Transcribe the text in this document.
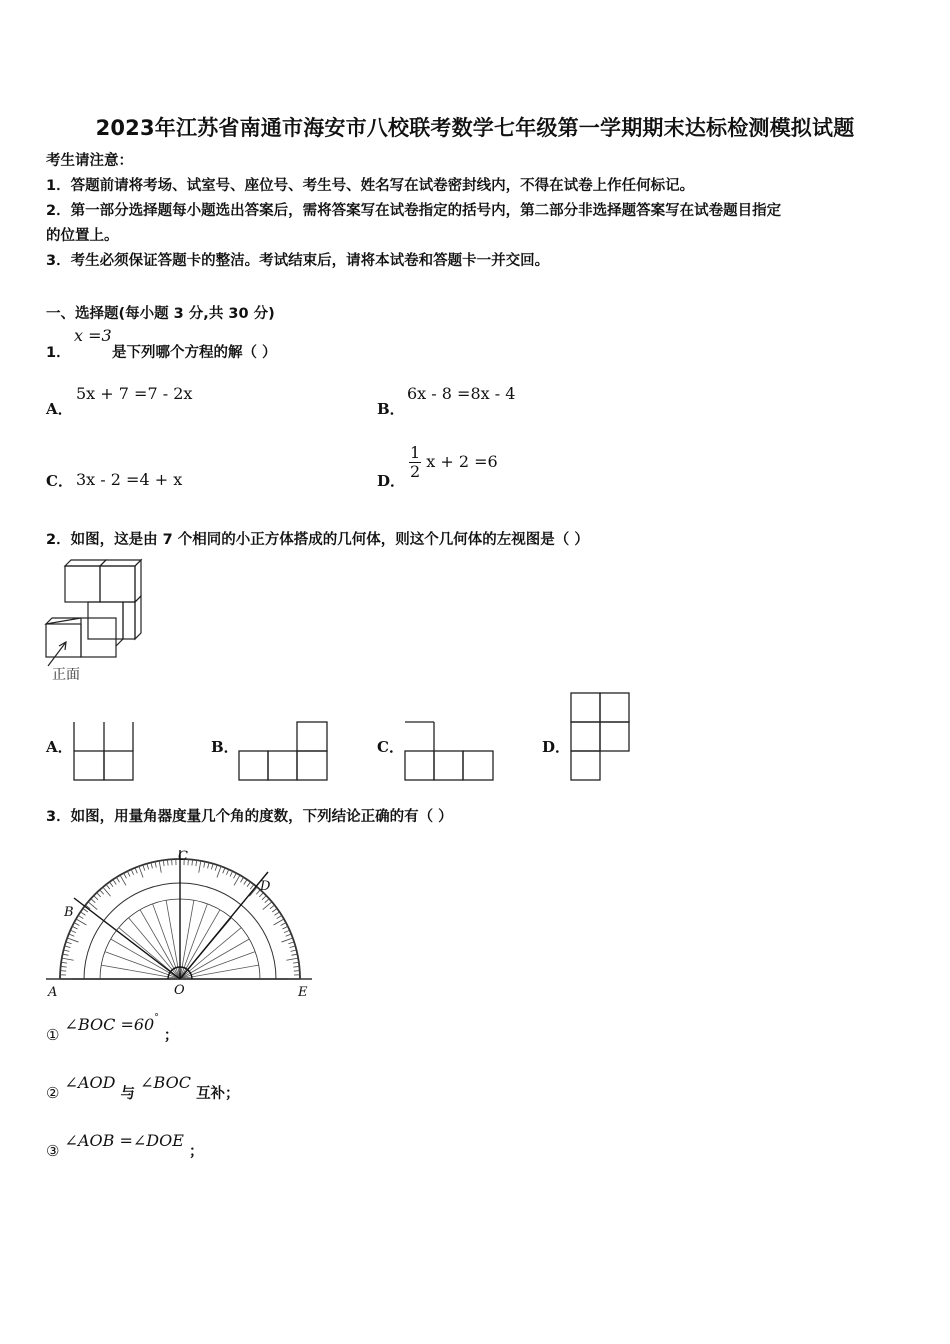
2023年江苏省南通市海安市八校联考数学七年级第一学期期末达标检测模拟试题
考生请注意：
1．答题前请将考场、试室号、座位号、考生号、姓名写在试卷密封线内，不得在试卷上作任何标记。
2．第一部分选择题每小题选出答案后，需将答案写在试卷指定的括号内，第二部分非选择题答案写在试卷题目指定
的位置上。
3．考生必须保证答题卡的整洁。考试结束后，请将本试卷和答题卡一并交回。
一、选择题(每小题 3 分,共 30 分)
1．
x =3
是下列哪个方程的解（ ）
A．
5x + 7 =7 - 2x
B．
6x - 8 =8x - 4
C． 3x - 2 =4 + x	D． $\frac{1}{2}$ x + 2 =6
2．如图，这是由 7 个相同的小正方体搭成的几何体，则这个几何体的左视图是（ ）
正面
A．	B．	C．	D．
3．如图，用量角器度量几个角的度数，下列结论正确的有（ ）
A
B
C
D
E
O
① ∠BOC =60° ；
② ∠AOD 与 ∠BOC 互补；
③ ∠AOB =∠DOE ；
